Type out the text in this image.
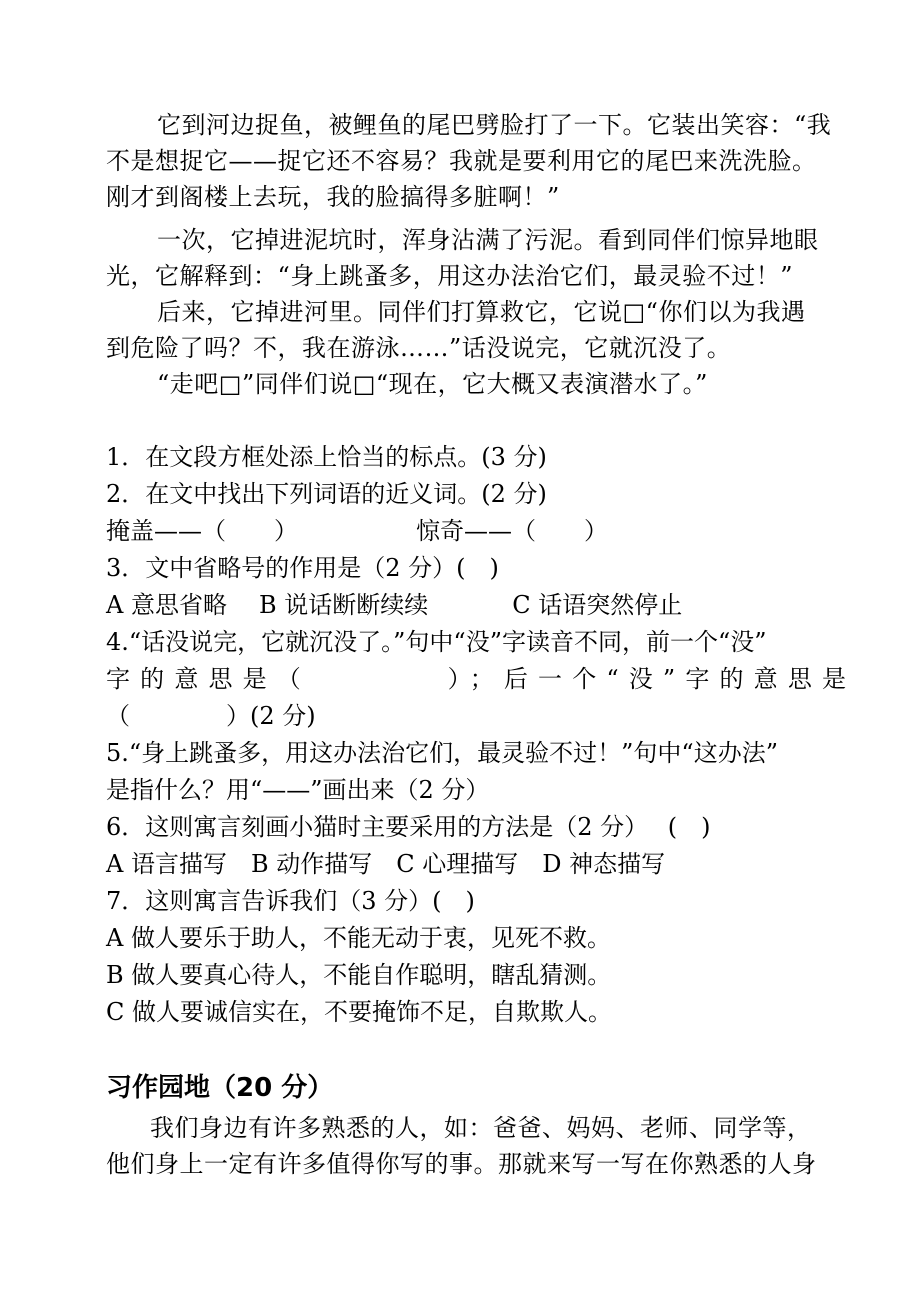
它到河边捉鱼，被鲤鱼的尾巴劈脸打了一下。它装出笑容：“我
不是想捉它——捉它还不容易？我就是要利用它的尾巴来洗洗脸。
刚才到阁楼上去玩，我的脸搞得多脏啊！”
一次，它掉进泥坑时，浑身沾满了污泥。看到同伴们惊异地眼
光，它解释到：“身上跳蚤多，用这办法治它们，最灵验不过！”
后来，它掉进河里。同伴们打算救它，它说□“你们以为我遇
到危险了吗？不，我在游泳……”话没说完，它就沉没了。
“走吧□”同伴们说□“现在，它大概又表演潜水了。”
1．在文段方框处添上恰当的标点。(3 分)
2．在文中找出下列词语的近义词。(2 分)
掩盖——（　　）	惊奇——（　　）
3．文中省略号的作用是（2 分）(　)
A 意思省略 B 说话断断续续	C 话语突然停止
4.“话没说完，它就沉没了。”句中“没”字读音不同，前一个“没”
字的意思是（　　　　）；后一个“没”字的意思是
（　　　　）(2 分)
5.“身上跳蚤多，用这办法治它们，最灵验不过！”句中“这办法”
是指什么？用“——”画出来（2 分）
6．这则寓言刻画小猫时主要采用的方法是（2 分）　 (　)
A 语言描写　B 动作描写　C 心理描写　D 神态描写
7．这则寓言告诉我们（3 分）(　)
A 做人要乐于助人，不能无动于衷，见死不救。
B 做人要真心待人，不能自作聪明，瞎乱猜测。
C 做人要诚信实在，不要掩饰不足，自欺欺人。
习作园地（20 分）
我们身边有许多熟悉的人，如：爸爸、妈妈、老师、同学等，
他们身上一定有许多值得你写的事。那就来写一写在你熟悉的人身
